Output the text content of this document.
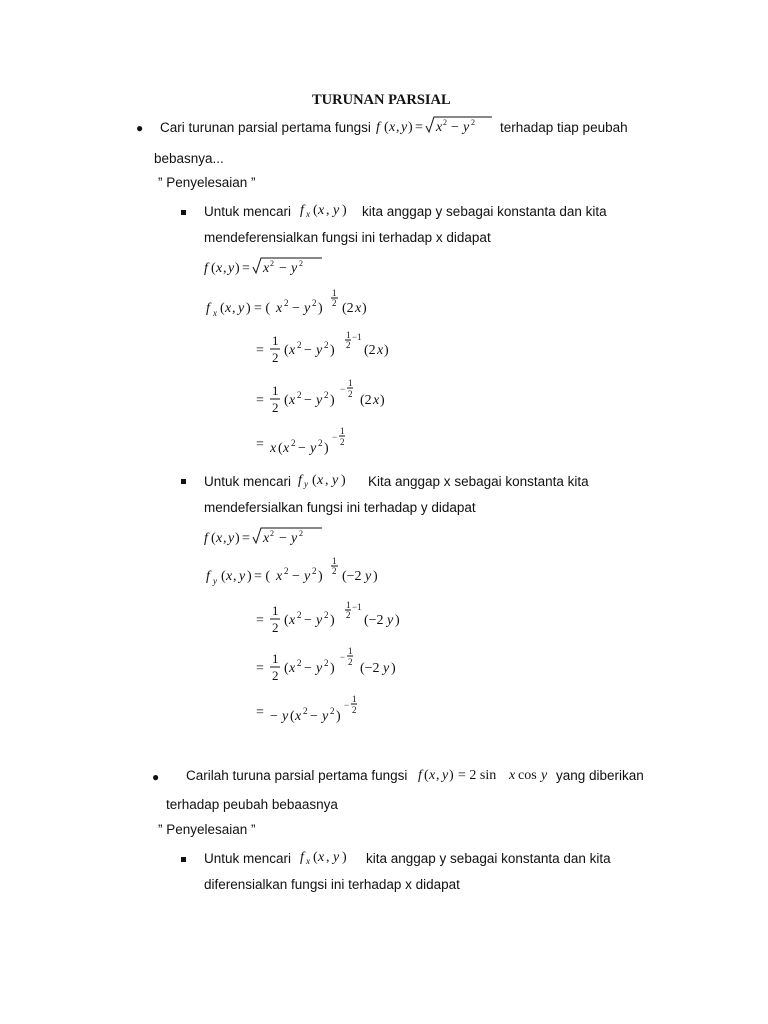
TURUNAN PARSIAL
● Cari turunan parsial pertama fungsi f ( x , y ) = x 2 − y 2 terhadap tiap peubah
bebasnya...
” Penyelesaian ”
Untuk mencari f x ( x , y ) kita anggap y sebagai konstanta dan kita
mendeferensialkan fungsi ini terhadap x didapat
f ( x , y ) = x 2 − y 2
f x ( x , y ) = ( x 2 − y 2 )
1
2 (2 x )
=
1
2 ( x 2 − y 2 )
1
2
−1
(2 x )
=
1
2 ( x 2 − y 2 )
−
1
2 (2 x )
= x ( x 2 − y 2 )
−
1
2
Untuk mencari f y ( x , y ) Kita anggap x sebagai konstanta kita
mendefersialkan fungsi ini terhadap y didapat
f ( x , y ) = x 2 − y 2
f y ( x , y ) = ( x 2 − y 2 )
1
2 (−2 y )
=
1
2 ( x 2 − y 2 )
1
2
−1
(−2 y )
=
1
2 ( x 2 − y 2 )
−
1
2 (−2 y )
= − y ( x 2 − y 2 )
−
1
2
● Carilah turuna parsial pertama fungsi f ( x , y ) = 2 sin x cos y yang diberikan
terhadap peubah bebaasnya
” Penyelesaian ”
Untuk mencari f x ( x , y ) kita anggap y sebagai konstanta dan kita
diferensialkan fungsi ini terhadap x didapat
